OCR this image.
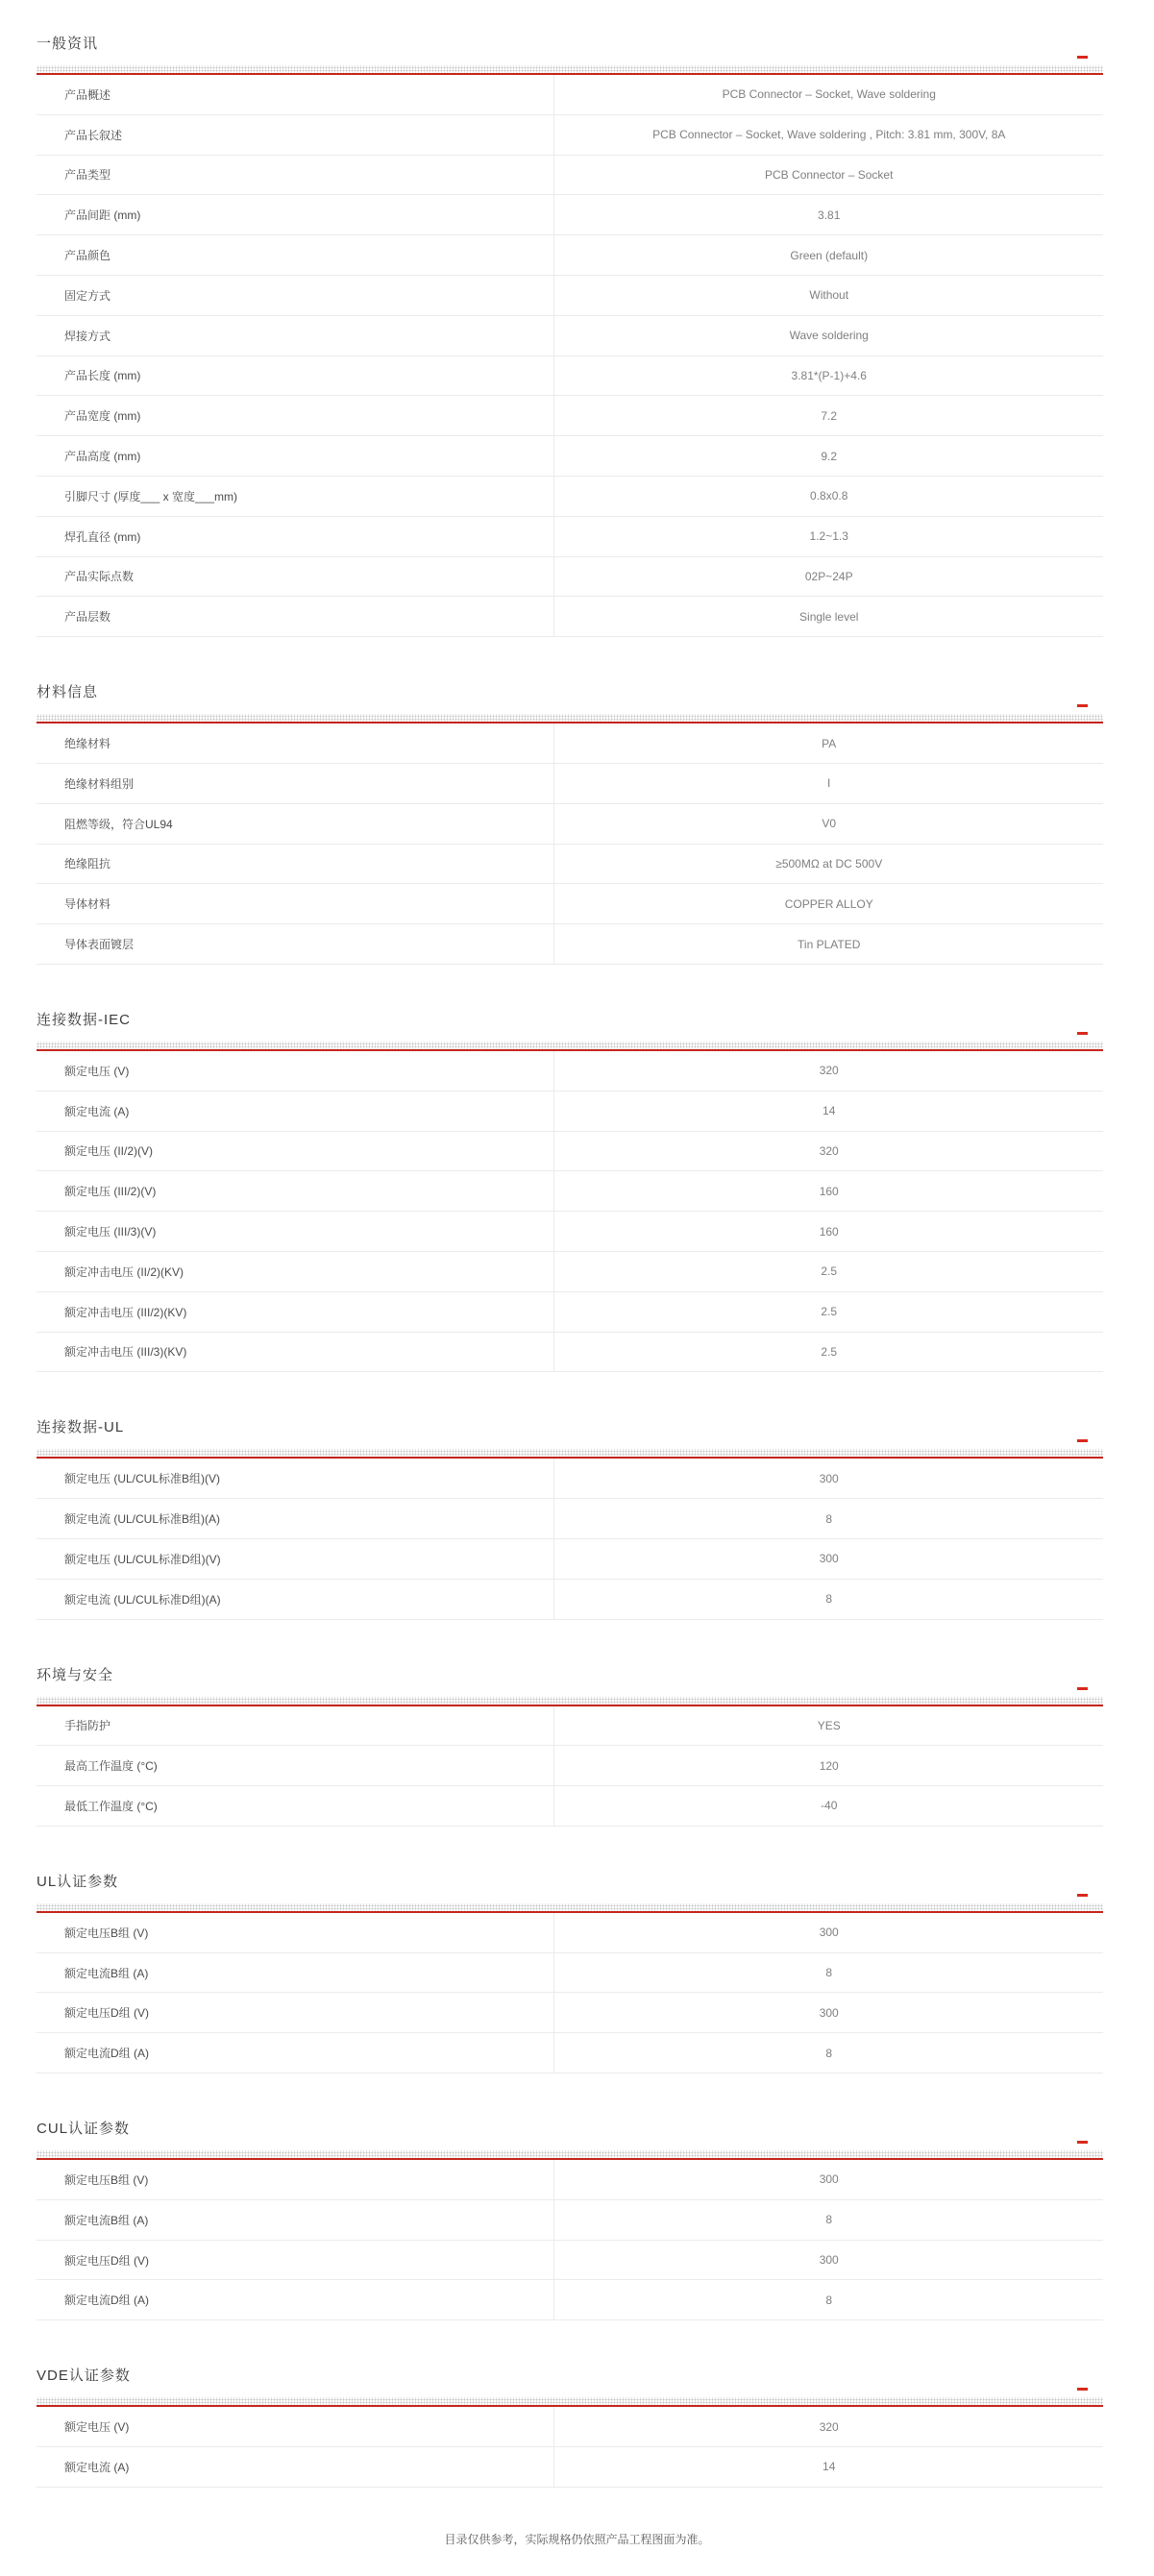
一般资讯
产品概述	PCB Connector – Socket, Wave soldering
产品长叙述	PCB Connector – Socket, Wave soldering , Pitch: 3.81 mm, 300V, 8A
产品类型	PCB Connector – Socket
产品间距 (mm)	3.81
产品颜色	Green (default)
固定方式	Without
焊接方式	Wave soldering
产品长度 (mm)	3.81*(P-1)+4.6
产品宽度 (mm)	7.2
产品高度 (mm)	9.2
引脚尺寸 (厚度___ x 宽度___mm)	0.8x0.8
焊孔直径 (mm)	1.2~1.3
产品实际点数	02P~24P
产品层数	Single level
材料信息
绝缘材料	PA
绝缘材料组别	I
阻燃等级，符合UL94	V0
绝缘阻抗	≥500MΩ at DC 500V
导体材料	COPPER ALLOY
导体表面镀层	Tin PLATED
连接数据-IEC
额定电压 (V)	320
额定电流 (A)	14
额定电压 (II/2)(V)	320
额定电压 (III/2)(V)	160
额定电压 (III/3)(V)	160
额定冲击电压 (II/2)(KV)	2.5
额定冲击电压 (III/2)(KV)	2.5
额定冲击电压 (III/3)(KV)	2.5
连接数据-UL
额定电压 (UL/CUL标准B组)(V)	300
额定电流 (UL/CUL标准B组)(A)	8
额定电压 (UL/CUL标准D组)(V)	300
额定电流 (UL/CUL标准D组)(A)	8
环境与安全
手指防护	YES
最高工作温度 (°C)	120
最低工作温度 (°C)	-40
UL认证参数
额定电压B组 (V)	300
额定电流B组 (A)	8
额定电压D组 (V)	300
额定电流D组 (A)	8
CUL认证参数
额定电压B组 (V)	300
额定电流B组 (A)	8
额定电压D组 (V)	300
额定电流D组 (A)	8
VDE认证参数
额定电压 (V)	320
额定电流 (A)	14
目录仅供参考，实际规格仍依照产品工程图面为准。
